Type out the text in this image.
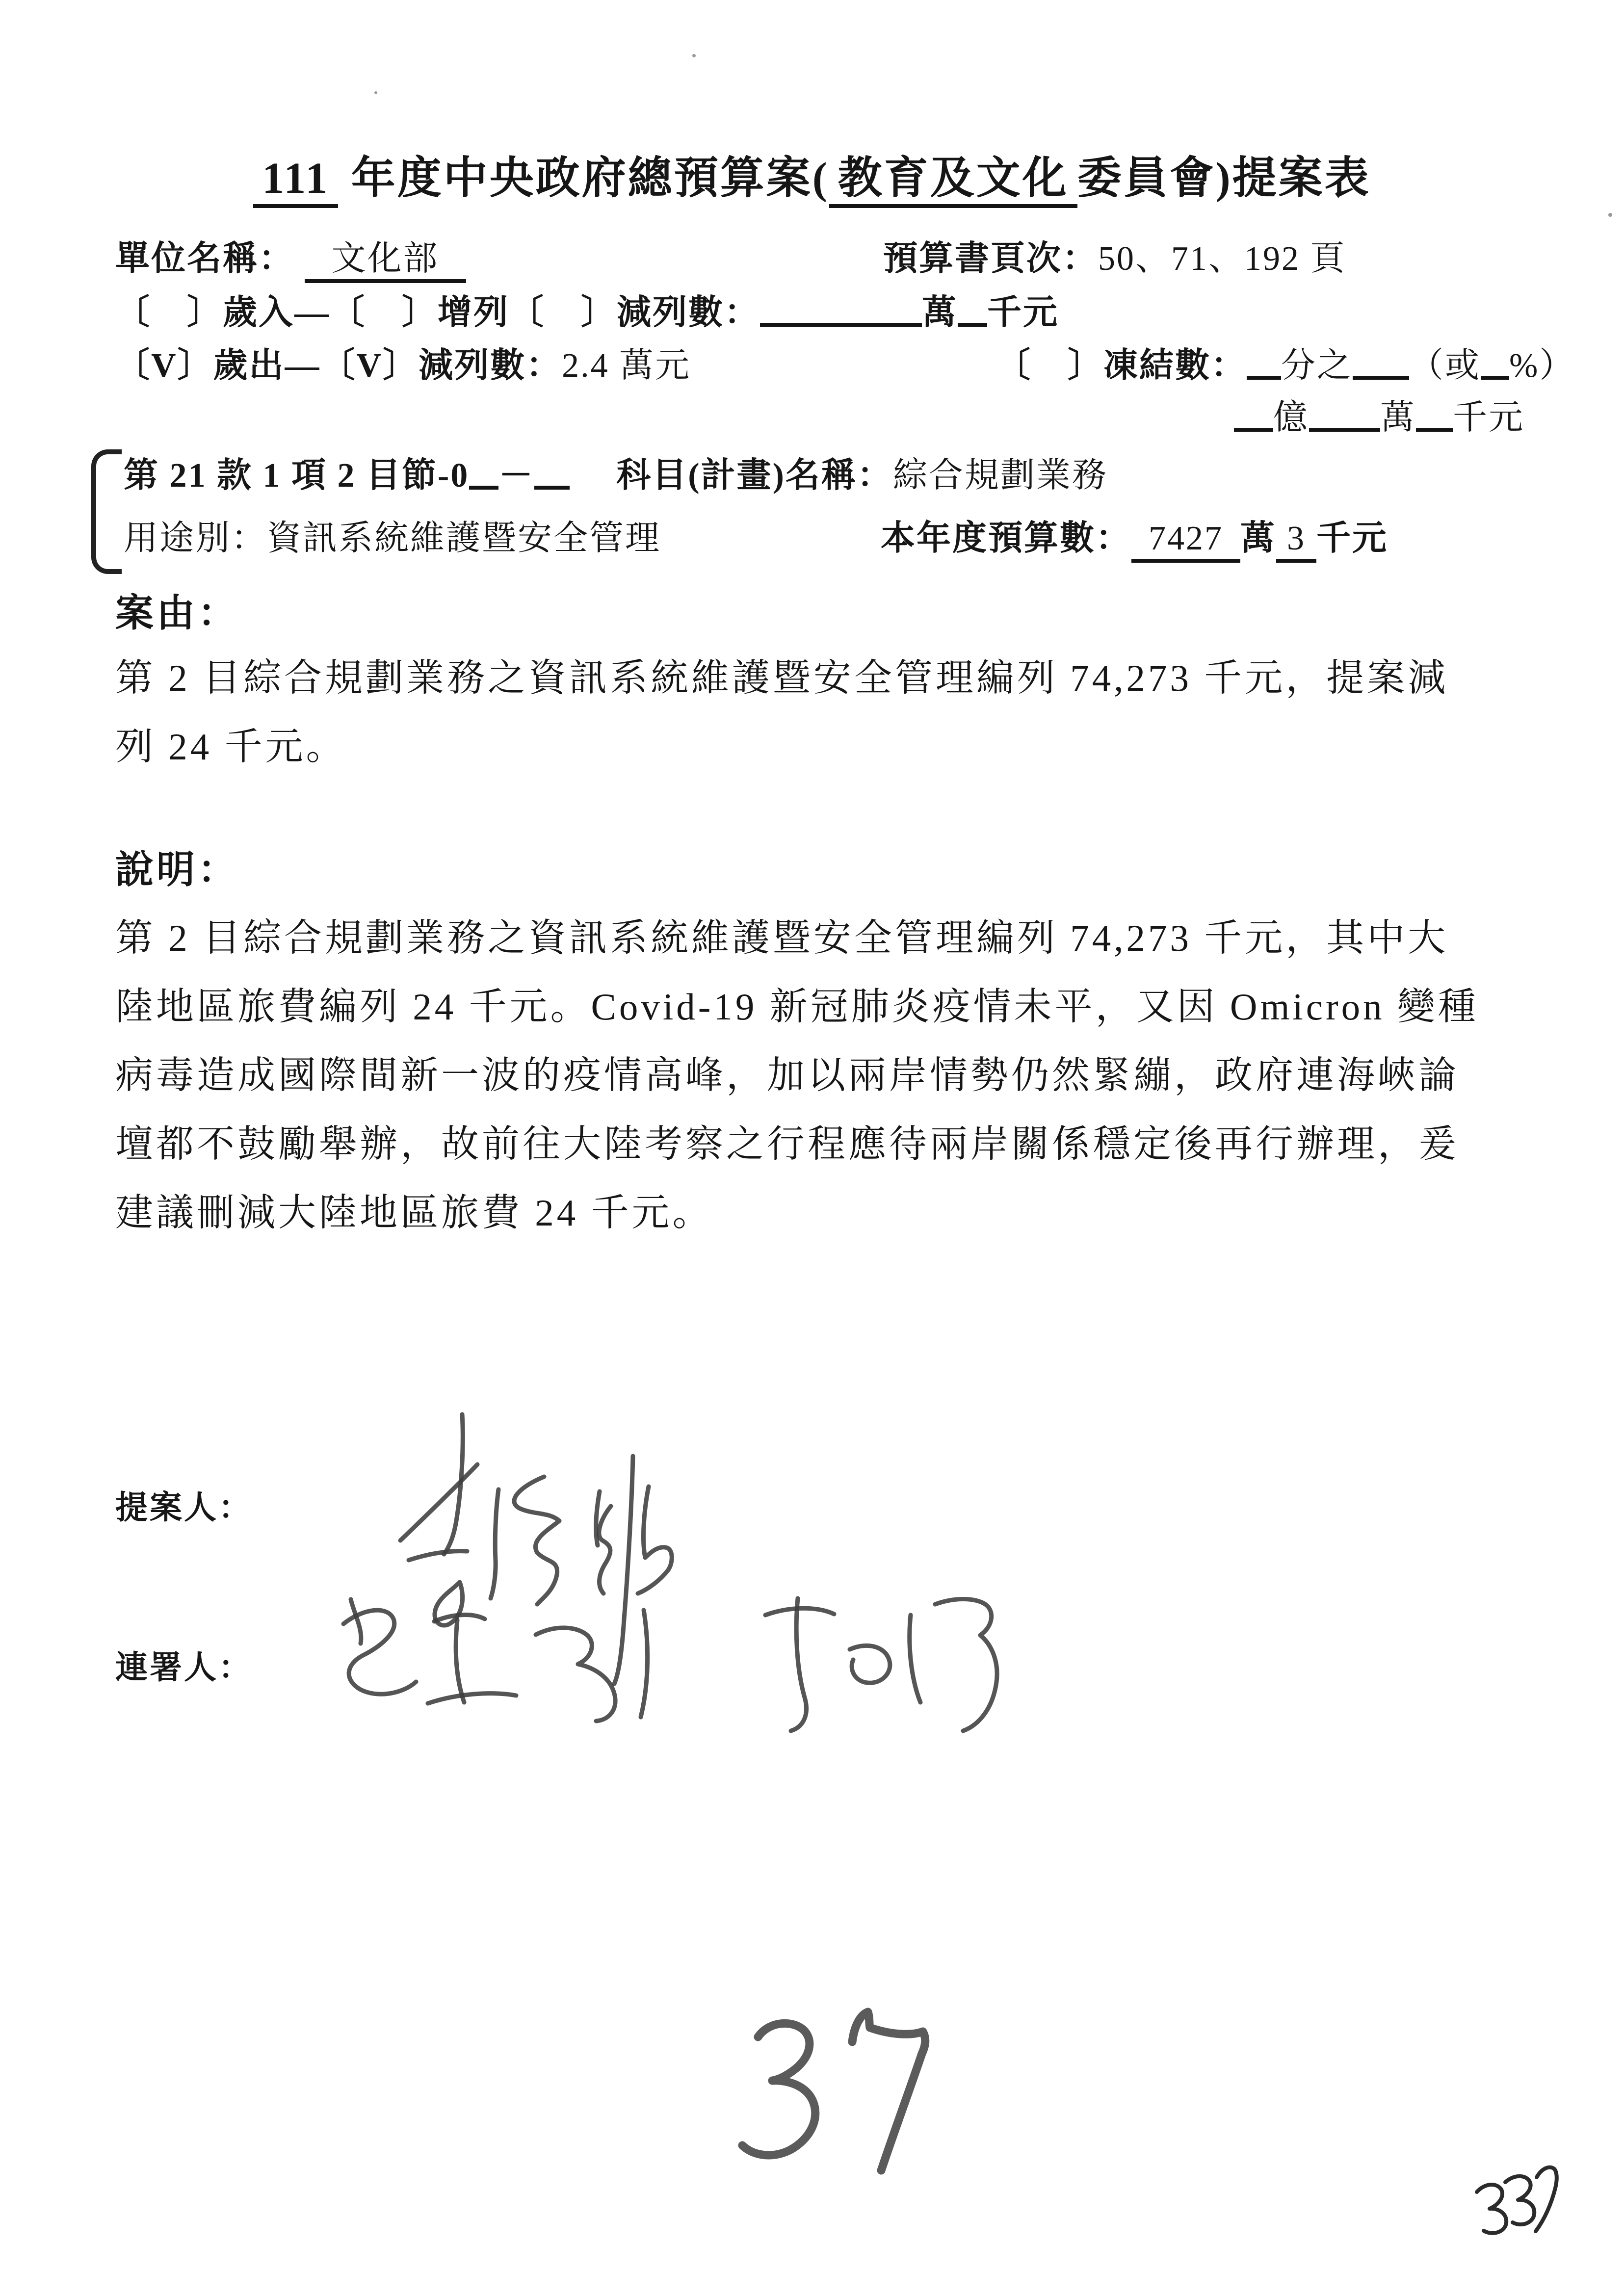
111 年度中央政府總預算案( 教育及文化 委員會)提案表
單位名稱： 文化部	預算書頁次：50、71、192 頁
〔　〕歲入—〔　〕增列〔　〕減列數：	萬 千元
〔V〕歲出—〔V〕減列數：2.4 萬元	〔　〕凍結數： 分之 （或 %）
億 萬 千元
第 21 款 1 項 2 目節-0 － 科目(計畫)名稱：綜合規劃業務
用途別：資訊系統維護暨安全管理	本年度預算數： 7427 萬 3 千元
案由：
第 2 目綜合規劃業務之資訊系統維護暨安全管理編列 74,273 千元，提案減
列 24 千元。
說明：
第 2 目綜合規劃業務之資訊系統維護暨安全管理編列 74,273 千元，其中大
陸地區旅費編列 24 千元。Covid-19 新冠肺炎疫情未平，又因 Omicron 變種
病毒造成國際間新一波的疫情高峰，加以兩岸情勢仍然緊繃，政府連海峽論
壇都不鼓勵舉辦，故前往大陸考察之行程應待兩岸關係穩定後再行辦理，爰
建議刪減大陸地區旅費 24 千元。
提案人：
連署人：
